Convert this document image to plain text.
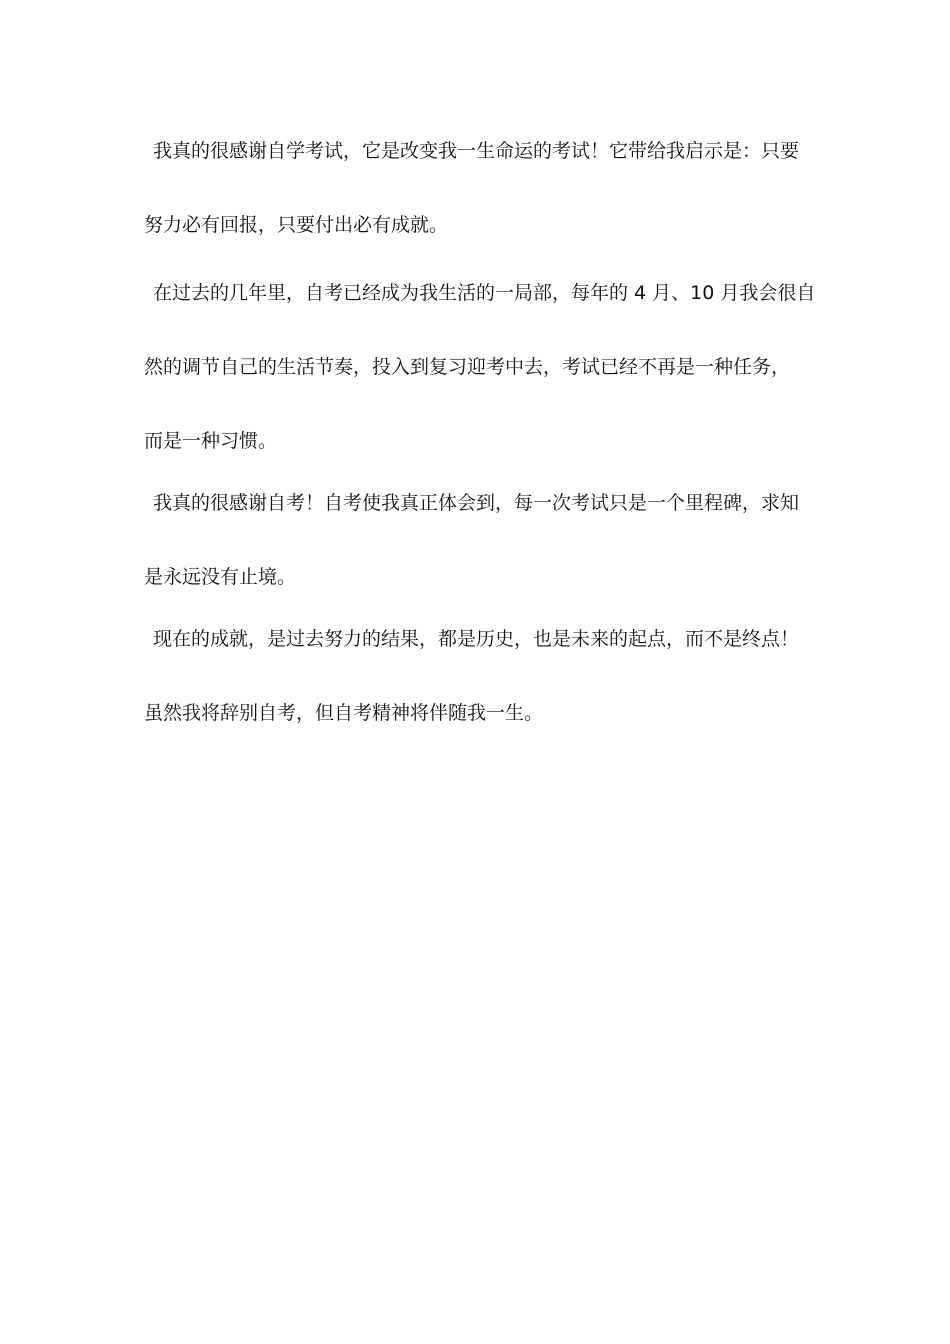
我真的很感谢自学考试，它是改变我一生命运的考试！它带给我启示是：只要
努力必有回报，只要付出必有成就。
在过去的几年里，自考已经成为我生活的一局部，每年的 4 月、10 月我会很自
然的调节自己的生活节奏，投入到复习迎考中去，考试已经不再是一种任务，
而是一种习惯。
我真的很感谢自考！自考使我真正体会到，每一次考试只是一个里程碑，求知
是永远没有止境。
现在的成就，是过去努力的结果，都是历史，也是未来的起点，而不是终点！
虽然我将辞别自考，但自考精神将伴随我一生。
